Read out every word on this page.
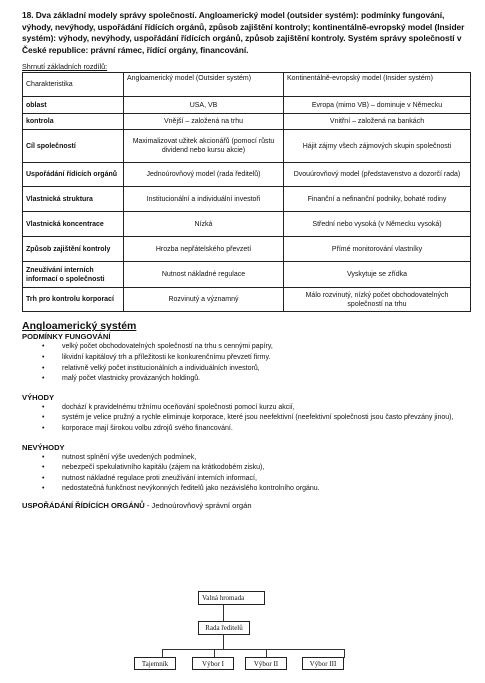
18. Dva základní modely správy společností. Angloamerický model (outsider systém): podmínky fungování, výhody, nevýhody, uspořádání řídících orgánů, způsob zajištění kontroly; kontinentálně-evropský model (Insider systém): výhody, nevýhody, uspořádání řídících orgánů, způsob zajištění kontroly. Systém správy společností v České republice: právní rámec, řídící orgány, financování.
Shrnutí základních rozdílů:
Charakteristika	Angloamerický model (Outsider systém)	Kontinentálně-evropský model (Insider systém)
oblast	USA, VB	Evropa (mimo VB) – dominuje v Německu
kontrola	Vnější – založená na trhu	Vnitřní – založená na bankách
Cíl společností	Maximalizovat užitek akcionářů (pomocí růstu dividend nebo kursu akcie)	Hájit zájmy všech zájmových skupin společnosti
Uspořádání řídících orgánů	Jednoúrovňový model (rada ředitelů)	Dvouúrovňový model (představenstvo a dozorčí rada)
Vlastnická struktura	Institucionální a individuální investoři	Finanční a nefinanční podniky, bohaté rodiny
Vlastnická koncentrace	Nízká	Střední nebo vysoká (v Německu vysoká)
Způsob zajištění kontroly	Hrozba nepřátelského převzetí	Přímé monitorování vlastníky
Zneužívání interních informací o společnosti	Nutnost nákladné regulace	Vyskytuje se zřídka
Trh pro kontrolu korporací	Rozvinutý a významný	Málo rozvinutý, nízký počet obchodovatelných společností na trhu
Angloamerický systém
PODMÍNKY FUNGOVÁNÍ
• velký počet obchodovatelných společností na trhu s cennými papíry,
• likvidní kapitálový trh a příležitosti ke konkurenčnímu převzetí firmy.
• relativně velký počet institucionálních a individuálních investorů,
• malý počet vlastnicky provázaných holdingů.
VÝHODY
• dochází k pravidelnému tržnímu oceňování společnosti pomocí kurzu akcií,
• systém je velice pružný a rychle eliminuje korporace, které jsou neefektivní (neefektivní společnosti jsou často převzány jinou),
• korporace mají širokou volbu zdrojů svého financování.
NEVÝHODY
• nutnost splnění výše uvedených podmínek,
• nebezpečí spekulativního kapitálu (zájem na krátkodobém zisku),
• nutnost nákladné regulace proti zneužívání interních informací,
• nedostatečná funkčnost nevýkonných ředitelů jako nezávislého kontrolního orgánu.
USPOŘÁDÁNÍ ŘÍDÍCÍCH ORGÁNŮ - Jednoúrovňový správní orgán
Valná hromada
Rada ředitelů
Tajemník	Výbor I	Výbor II	Výbor III
